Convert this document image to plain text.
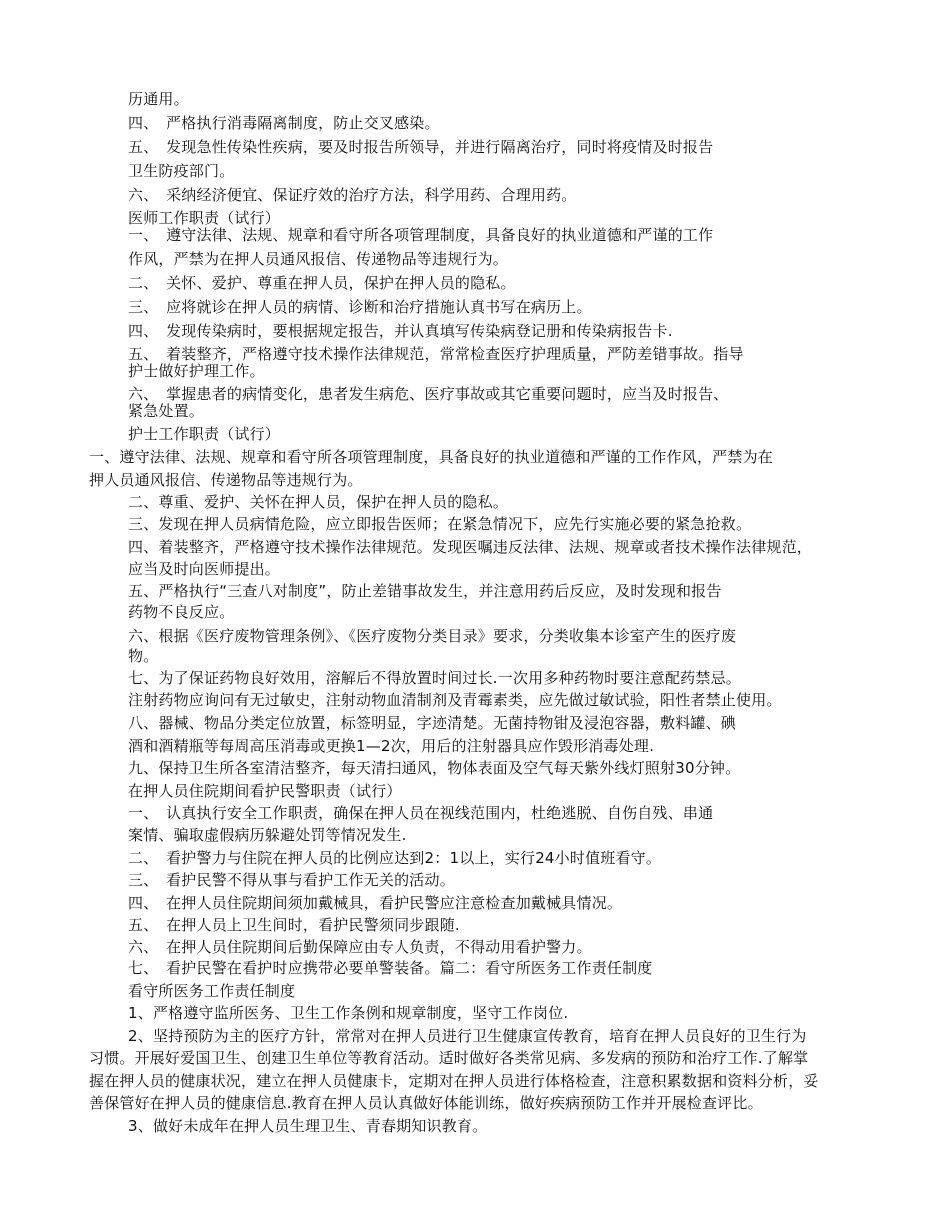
历通用。
四、　严格执行消毒隔离制度，防止交叉感染。
五、　发现急性传染性疾病，要及时报告所领导，并进行隔离治疗，同时将疫情及时报告
卫生防疫部门。
六、　采纳经济便宜、保证疗效的治疗方法，科学用药、合理用药。
医师工作职责（试行）
一、　遵守法律、法规、规章和看守所各项管理制度，具备良好的执业道德和严谨的工作
作风，严禁为在押人员通风报信、传递物品等违规行为。
二、　关怀、爱护、尊重在押人员，保护在押人员的隐私。
三、　应将就诊在押人员的病情、诊断和治疗措施认真书写在病历上。
四、　发现传染病时，要根据规定报告，并认真填写传染病登记册和传染病报告卡.
五、　着装整齐，严格遵守技术操作法律规范，常常检查医疗护理质量，严防差错事故。指导
护士做好护理工作。
六、　掌握患者的病情变化，患者发生病危、医疗事故或其它重要问题时，应当及时报告、
紧急处置。
护士工作职责（试行）
一、遵守法律、法规、规章和看守所各项管理制度，具备良好的执业道德和严谨的工作作风，严禁为在
押人员通风报信、传递物品等违规行为。
二、尊重、爱护、关怀在押人员，保护在押人员的隐私。
三、发现在押人员病情危险，应立即报告医师；在紧急情况下，应先行实施必要的紧急抢救。
四、着装整齐，严格遵守技术操作法律规范。发现医嘱违反法律、法规、规章或者技术操作法律规范，
应当及时向医师提出。
五、严格执行“三查八对制度”，防止差错事故发生，并注意用药后反应，及时发现和报告
药物不良反应。
六、根据《医疗废物管理条例》、《医疗废物分类目录》要求，分类收集本诊室产生的医疗废
物。
七、为了保证药物良好效用，溶解后不得放置时间过长.一次用多种药物时要注意配药禁忌。
注射药物应询问有无过敏史，注射动物血清制剂及青霉素类，应先做过敏试验，阳性者禁止使用。
八、器械、物品分类定位放置，标签明显，字迹清楚。无菌持物钳及浸泡容器，敷料罐、碘
酒和酒精瓶等每周高压消毒或更换1—2次，用后的注射器具应作毁形消毒处理.
九、保持卫生所各室清洁整齐，每天清扫通风，物体表面及空气每天紫外线灯照射30分钟。
在押人员住院期间看护民警职责（试行）
一、　认真执行安全工作职责，确保在押人员在视线范围内，杜绝逃脱、自伤自残、串通
案情、骗取虚假病历躲避处罚等情况发生.
二、　看护警力与住院在押人员的比例应达到2：1以上，实行24小时值班看守。
三、　看护民警不得从事与看护工作无关的活动。
四、　在押人员住院期间须加戴械具，看护民警应注意检查加戴械具情况。
五、　在押人员上卫生间时，看护民警须同步跟随.
六、　在押人员住院期间后勤保障应由专人负责，不得动用看护警力。
七、　看护民警在看护时应携带必要单警装备。篇二：看守所医务工作责任制度
看守所医务工作责任制度
1、严格遵守监所医务、卫生工作条例和规章制度，坚守工作岗位.
2、坚持预防为主的医疗方针，常常对在押人员进行卫生健康宣传教育，培育在押人员良好的卫生行为
习惯。开展好爱国卫生、创建卫生单位等教育活动。适时做好各类常见病、多发病的预防和治疗工作.了解掌
握在押人员的健康状况，建立在押人员健康卡，定期对在押人员进行体格检查，注意积累数据和资料分析，妥
善保管好在押人员的健康信息.教育在押人员认真做好体能训练，做好疾病预防工作并开展检查评比。
3、做好未成年在押人员生理卫生、青春期知识教育。
